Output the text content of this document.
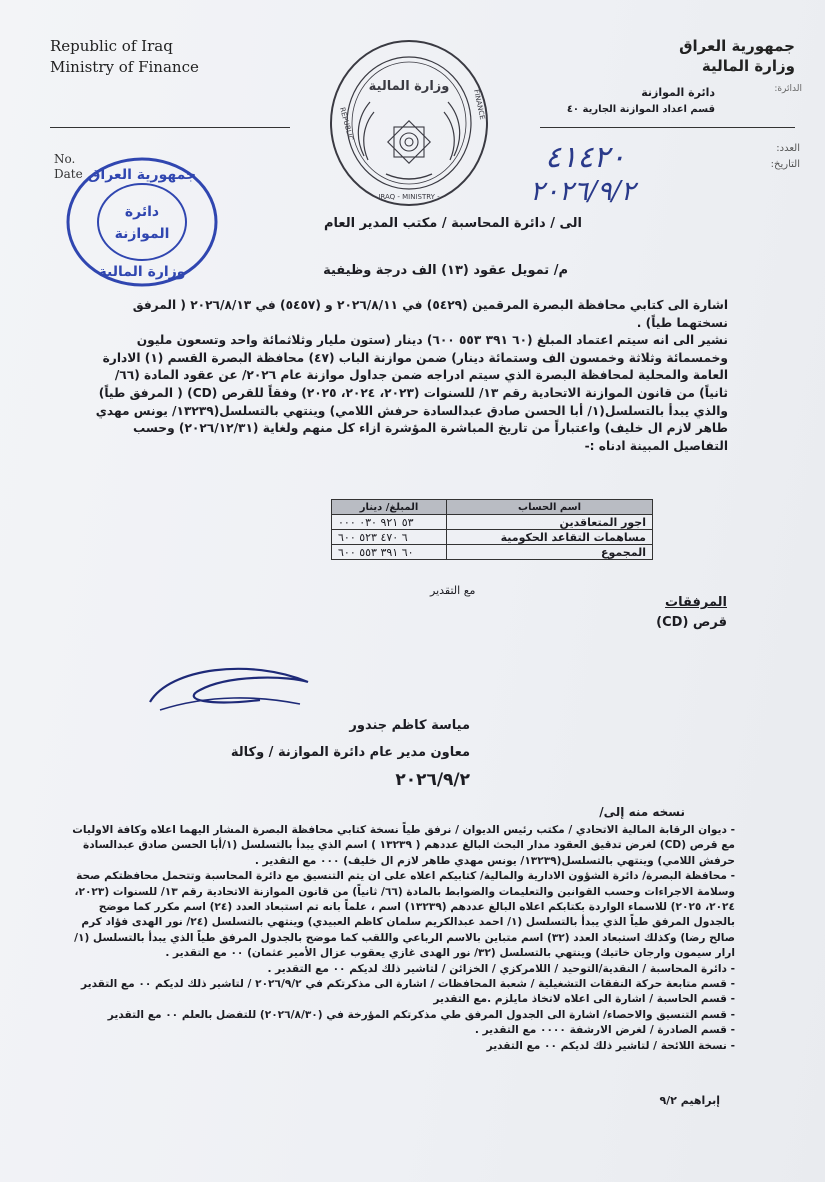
Republic of Iraq
Ministry of Finance
No.
Date
جمهورية العراق
وزارة المالية
الدائرة:
دائرة الموازنة
قسم اعداد الموازنة الجارية ٤٠
العدد:
التاريخ:
٤١٤٢٠
٢٠٢٦/٩/٢
وزارة المالية
REPUBLIC
FINANCE
IRAQ - MINISTRY -
جمهورية العراق
دائرة
الموازنة
وزارة المالية
الى / دائرة المحاسبة / مكتب المدير العام
م/ تمويل عقود (١٣) الف درجة وظيفية

اشارة الى كتابي محافظة البصرة المرقمين (٥٤٢٩) في ٢٠٢٦/٨/١١ و (٥٤٥٧) في ٢٠٢٦/٨/١٣ ( المرفق نسختهما طياً) .

نشير الى انه سيتم اعتماد المبلغ (٦٠ ٣٩١ ٥٥٣ ٦٠٠) دينار (ستون مليار وثلاثمائة واحد وتسعون مليون وخمسمائة وثلاثة وخمسون الف وستمائة دينار) ضمن موازنة الباب (٤٧) محافظة البصرة القسم (١) الادارة العامة والمحلية لمحافظة البصرة الذي سيتم ادراجه ضمن جداول موازنة عام ٢٠٢٦/ عن عقود المادة (٦٦/ ثانياً) من قانون الموازنة الاتحادية رقم ١٣/ للسنوات (٢٠٢٣، ٢٠٢٤، ٢٠٢٥) وفقاً للقرص (CD) ( المرفق طياً) والذي يبدأ بالتسلسل(١/ أبا الحسن صادق عبدالسادة حرفش اللامي) وينتهي بالتسلسل(١٣٢٣٩/ يونس مهدي طاهر لازم ال خليف) واعتباراً من تاريخ المباشرة المؤشرة ازاء كل منهم ولغاية (٢٠٢٦/١٢/٣١) وحسب التفاصيل المبينة ادناه :-

المبلغ/ دينار	اسم الحساب
٥٣ ٩٢١ ٠٣٠ ٠٠٠	اجور المتعاقدين
٦ ٤٧٠ ٥٢٣ ٦٠٠	مساهمات التقاعد الحكومية
٦٠ ٣٩١ ٥٥٣ ٦٠٠	المجموع
مع التقدير
المرفقات
قرص (CD)
مياسة كاظم جندور
معاون مدير عام دائرة الموازنة / وكالة
٢٠٢٦/٩/٢
نسخه منه إلى/

- ديوان الرقابة المالية الاتحادي / مكتب رئيس الديوان / نرفق طياً نسخة كتابي محافظة البصرة المشار اليهما اعلاه وكافة الاوليات مع قرص (CD) لغرض تدقيق العقود مدار البحث البالغ عددهم ( ١٣٢٣٩ ) اسم الذي يبدأ بالتسلسل (١/أبا الحسن صادق عبدالسادة حرفش اللامي) وينتهي بالتسلسل(١٣٢٣٩/ يونس مهدي طاهر لازم ال خليف) ٠٠٠ مع التقدير .

- محافظة البصرة/ دائرة الشؤون الادارية والمالية/ كتابيكم اعلاه على ان يتم التنسيق مع دائرة المحاسبة وتتحمل محافظتكم صحة وسلامة الاجراءات وحسب القوانين والتعليمات والضوابط بالمادة (٦٦/ ثانياً) من قانون الموازنة الاتحادية رقم ١٣/ للسنوات (٢٠٢٣، ٢٠٢٤، ٢٠٢٥) للاسماء الواردة بكتابكم اعلاه البالغ عددهم (١٣٢٣٩) اسم ، علماً بانه تم استبعاد العدد (٢٤) اسم مكرر كما موضح بالجدول المرفق طياً الذي يبدأ بالتسلسل (١/ احمد عبدالكريم سلمان كاظم العبيدي) وينتهي بالتسلسل (٢٤/ نور الهدى فؤاد كرم صالح رضا) وكذلك استبعاد العدد (٣٢) اسم متباين بالاسم الرباعي واللقب كما موضح بالجدول المرفق طياً الذي يبدأ بالتسلسل (١/ ارار سيمون وارجان خاتيك) وينتهي بالتسلسل (٣٢/ نور الهدى غازي يعقوب عزال الأمير عثمان) ٠٠ مع التقدير .

- دائرة المحاسبة / النقدية/التوحيد / اللامركزي / الخزائن / لتاشير ذلك لديكم ٠٠ مع التقدير .

- قسم متابعة حركة النفقات التشغيلية / شعبة المحافظات / اشارة الى مذكرتكم في ٢٠٢٦/٩/٢ / لتاشير ذلك لديكم ٠٠ مع التقدير

- قسم الحاسبة / اشارة الى اعلاه لاتخاذ مايلزم .مع التقدير

- قسم التنسيق والاحصاء/ اشارة الى الجدول المرفق طي مذكرتكم المؤرخة في (٢٠٢٦/٨/٣٠) للتفضل بالعلم ٠٠ مع التقدير

- قسم الصادرة / لغرض الارشفة ٠٠٠٠ مع التقدير .

- نسخة اللائحة / لتاشير ذلك لديكم ٠٠ مع التقدير

إبراهيم ٩/٢
